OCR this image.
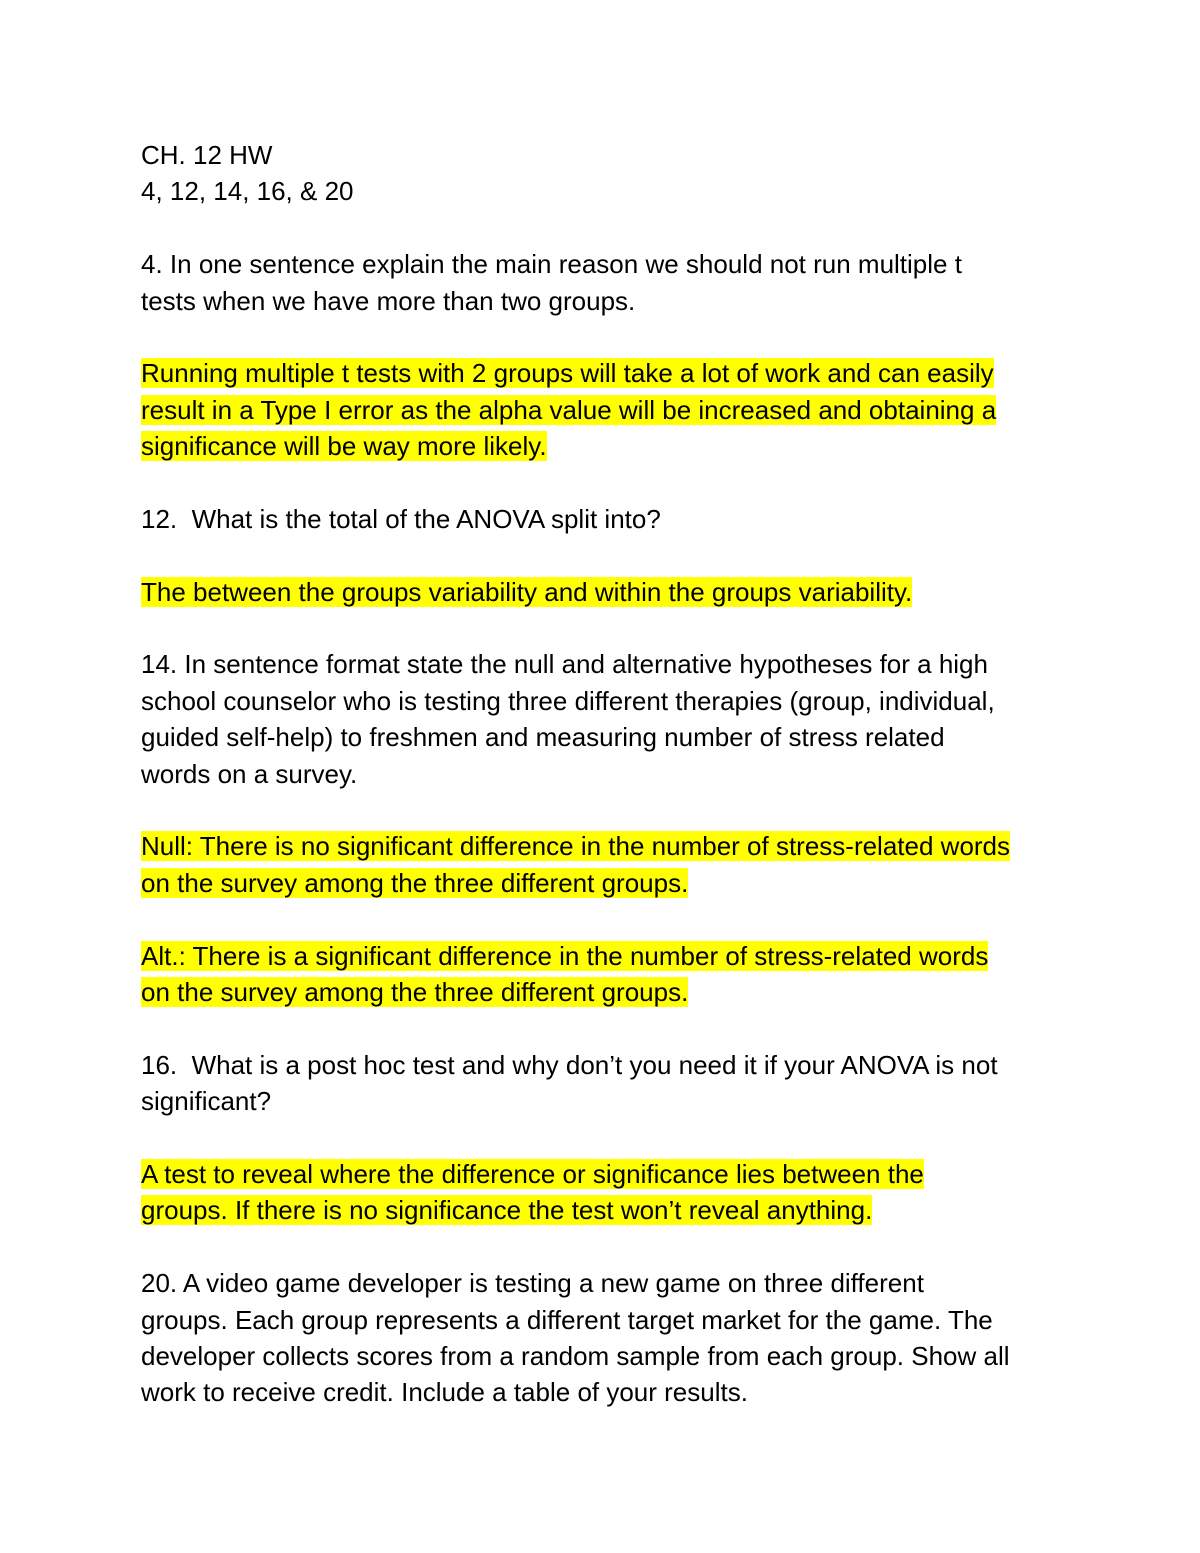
CH. 12 HW
4, 12, 14, 16, & 20
4. In one sentence explain the main reason we should not run multiple t
tests when we have more than two groups.
Running multiple t tests with 2 groups will take a lot of work and can easily
result in a Type I error as the alpha value will be increased and obtaining a
significance will be way more likely.
12.  What is the total of the ANOVA split into?
The between the groups variability and within the groups variability.
14. In sentence format state the null and alternative hypotheses for a high
school counselor who is testing three different therapies (group, individual,
guided self-help) to freshmen and measuring number of stress related
words on a survey.
Null: There is no significant difference in the number of stress-related words
on the survey among the three different groups.
Alt.: There is a significant difference in the number of stress-related words
on the survey among the three different groups.
16.  What is a post hoc test and why don’t you need it if your ANOVA is not
significant?
A test to reveal where the difference or significance lies between the
groups. If there is no significance the test won’t reveal anything.
20. A video game developer is testing a new game on three different
groups. Each group represents a different target market for the game. The
developer collects scores from a random sample from each group. Show all
work to receive credit. Include a table of your results.
